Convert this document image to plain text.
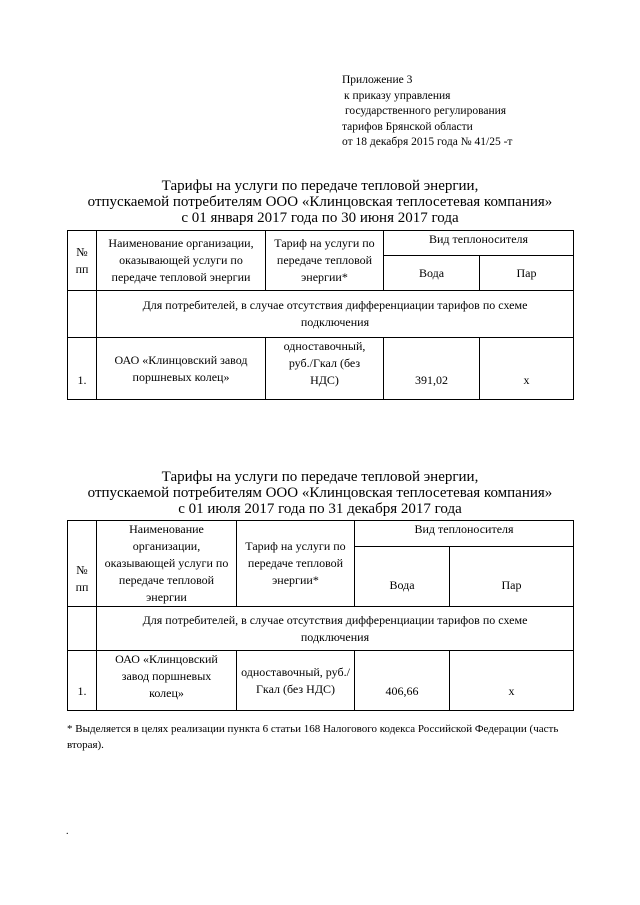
Приложение 3
к приказу управления
государственного регулирования
тарифов Брянской области
от 18 декабря 2015 года № 41/25 -т
Тарифы на услуги по передаче тепловой энергии,
отпускаемой потребителям ООО «Клинцовская теплосетевая компания»
с 01 января 2017 года по 30 июня 2017 года
№
пп	Наименование организации, оказывающей услуги по передаче тепловой энергии	Тариф на услуги по передаче тепловой энергии*	Вид теплоносителя	
			Вода	Пар
	Для потребителей, в случае отсутствия дифференциации тарифов по схеме подключения			
1.	ОАО «Клинцовский завод поршневых колец»	одноставочный, руб./Гкал (без НДС)	391,02	х
Тарифы на услуги по передаче тепловой энергии,
отпускаемой потребителям ООО «Клинцовская теплосетевая компания»
с 01 июля 2017 года по 31 декабря 2017 года
№
пп	Наименование организации, оказывающей услуги по передаче тепловой энергии	Тариф на услуги по передаче тепловой энергии*	Вид теплоносителя	
			Вода	Пар
	Для потребителей, в случае отсутствия дифференциации тарифов по схеме подключения			
1.	ОАО «Клинцовский завод поршневых колец»	одноставочный, руб./Гкал (без НДС)	406,66	х
* Выделяется в целях реализации пункта 6 статьи 168 Налогового кодекса Российской Федерации (часть вторая).
.
